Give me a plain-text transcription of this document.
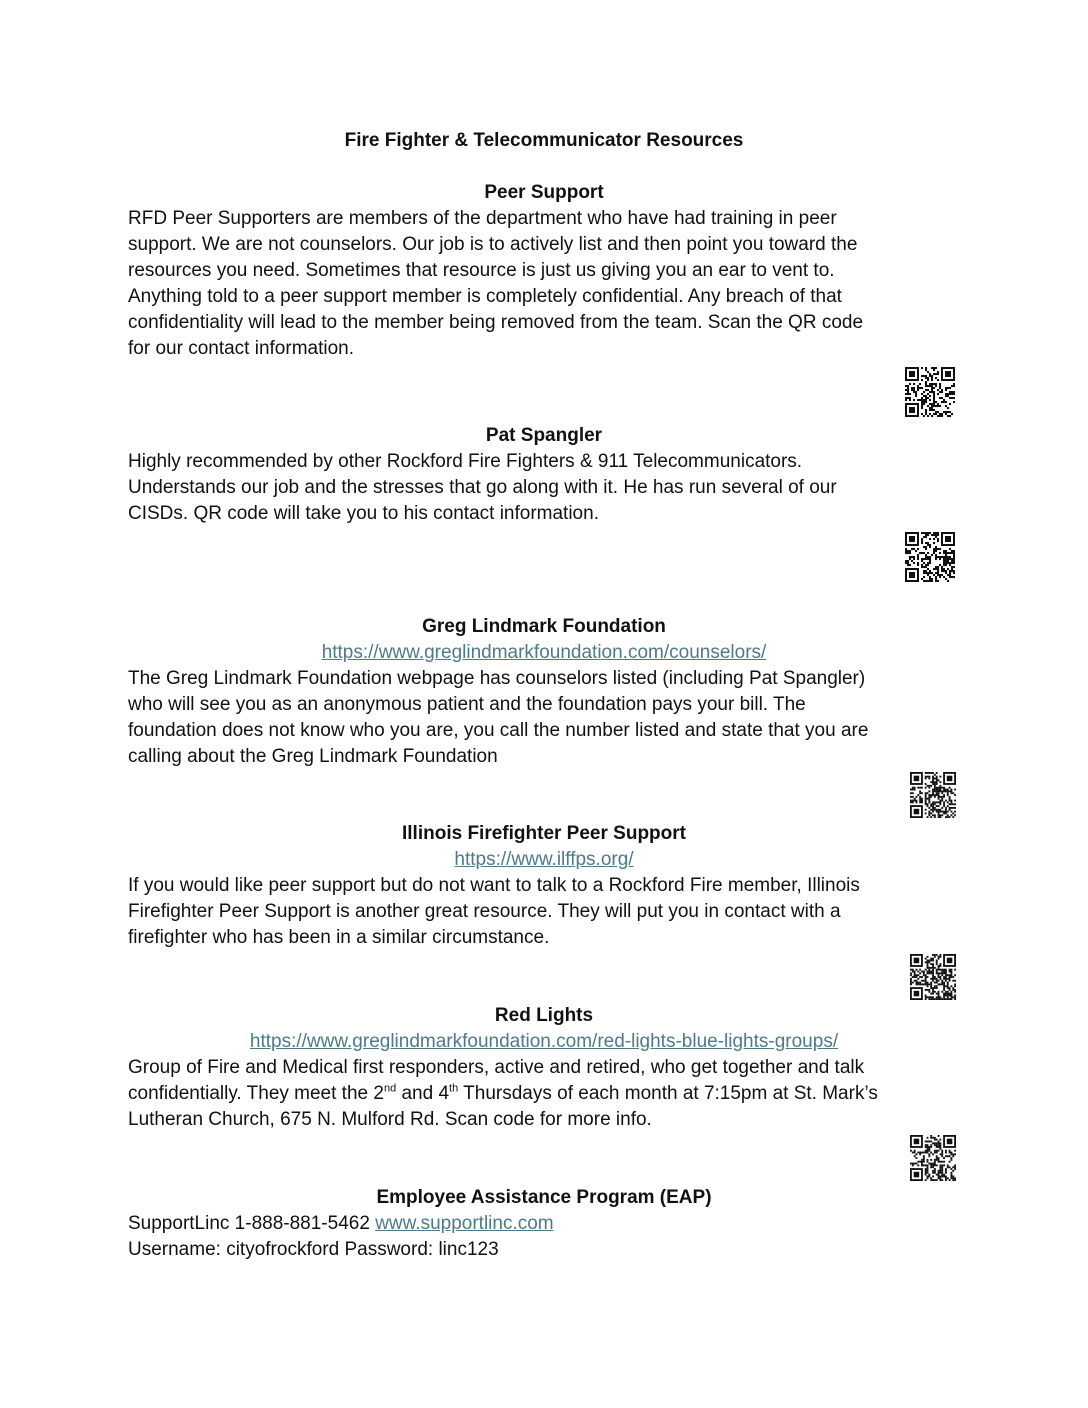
Fire Fighter & Telecommunicator Resources
Peer Support

RFD Peer Supporters are members of the department who have had training in peer
support. We are not counselors. Our job is to actively list and then point you toward the
resources you need. Sometimes that resource is just us giving you an ear to vent to.
Anything told to a peer support member is completely confidential. Any breach of that
confidentiality will lead to the member being removed from the team. Scan the QR code
for our contact information.

Pat Spangler

Highly recommended by other Rockford Fire Fighters & 911 Telecommunicators.
Understands our job and the stresses that go along with it. He has run several of our
CISDs. QR code will take you to his contact information.

Greg Lindmark Foundation
https://www.greglindmarkfoundation.com/counselors/

The Greg Lindmark Foundation webpage has counselors listed (including Pat Spangler)
who will see you as an anonymous patient and the foundation pays your bill. The
foundation does not know who you are, you call the number listed and state that you are
calling about the Greg Lindmark Foundation

Illinois Firefighter Peer Support
https://www.ilffps.org/

If you would like peer support but do not want to talk to a Rockford Fire member, Illinois
Firefighter Peer Support is another great resource. They will put you in contact with a
firefighter who has been in a similar circumstance.

Red Lights
https://www.greglindmarkfoundation.com/red-lights-blue-lights-groups/

Group of Fire and Medical first responders, active and retired, who get together and talk
confidentially. They meet the 2nd and 4th Thursdays of each month at 7:15pm at St. Mark’s
Lutheran Church, 675 N. Mulford Rd. Scan code for more info.

Employee Assistance Program (EAP)

SupportLinc 1-888-881-5462 www.supportlinc.com
Username: cityofrockford Password: linc123
